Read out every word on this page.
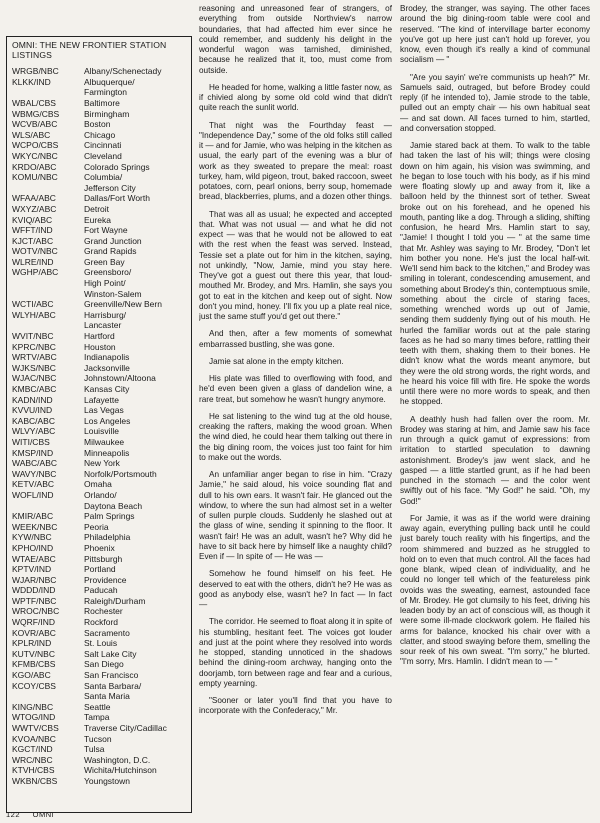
OMNI: THE NEW FRONTIER STATION LISTINGS
WRGB/NBC	Albany/Schenectady
KLKK/IND	Albuquerque/
Farmington
WBAL/CBS	Baltimore
WBMG/CBS	Birmingham
WCVB/ABC	Boston
WLS/ABC	Chicago
WCPO/CBS	Cincinnati
WKYC/NBC	Cleveland
KRDO/ABC	Colorado Springs
KOMU/NBC	Columbia/
Jefferson City
WFAA/ABC	Dallas/Fort Worth
WXYZ/ABC	Detroit
KVIQ/ABC	Eureka
WFFT/IND	Fort Wayne
KJCT/ABC	Grand Junction
WOTV/NBC	Grand Rapids
WLRE/IND	Green Bay
WGHP/ABC	Greensboro/
High Point/
Winston-Salem
WCTI/ABC	Greenville/New Bern
WLYH/ABC	Harrisburg/
Lancaster
WVIT/NBC	Hartford
KPRC/NBC	Houston
WRTV/ABC	Indianapolis
WJKS/NBC	Jacksonville
WJAC/NBC	Johnstown/Altoona
KMBC/ABC	Kansas City
KADN/IND	Lafayette
KVVU/IND	Las Vegas
KABC/ABC	Los Angeles
WLVY/ABC	Louisville
WITI/CBS	Milwaukee
KMSP/IND	Minneapolis
WABC/ABC	New York
WAVY/NBC	Norfolk/Portsmouth
KETV/ABC	Omaha
WOFL/IND	Orlando/
Daytona Beach
KMIR/ABC	Palm Springs
WEEK/NBC	Peoria
KYW/NBC	Philadelphia
KPHO/IND	Phoenix
WTAE/ABC	Pittsburgh
KPTV/IND	Portland
WJAR/NBC	Providence
WDDD/IND	Paducah
WPTF/NBC	Raleigh/Durham
WROC/NBC	Rochester
WQRF/IND	Rockford
KOVR/ABC	Sacramento
KPLR/IND	St. Louis
KUTV/NBC	Salt Lake City
KFMB/CBS	San Diego
KGO/ABC	San Francisco
KCOY/CBS	Santa Barbara/
Santa Maria
KING/NBC	Seattle
WTOG/IND	Tampa
WWTV/CBS	Traverse City/Cadillac
KVOA/NBC	Tucson
KGCT/IND	Tulsa
WRC/NBC	Washington, D.C.
KTVH/CBS	Wichita/Hutchinson
WKBN/CBS	Youngstown

reasoning and unreasoned fear of strangers, of everything from outside Northview's narrow boundaries, that had affected him ever since he could remember, and suddenly his delight in the wonderful wagon was tarnished, diminished, because he realized that it, too, must come from outside.

He headed for home, walking a little faster now, as if chivied along by some old cold wind that didn't quite reach the sunlit world.

That night was the Fourthday feast — "Independence Day," some of the old folks still called it — and for Jamie, who was helping in the kitchen as usual, the early part of the evening was a blur of work as they sweated to prepare the meal: roast turkey, ham, wild pigeon, trout, baked raccoon, sweet potatoes, corn, pearl onions, berry soup, homemade bread, blackberries, plums, and a dozen other things.

That was all as usual; he expected and accepted that. What was not usual — and what he did not expect — was that he would not be allowed to eat with the rest when the feast was served. Instead, Tessie set a plate out for him in the kitchen, saying, not unkindly, "Now, Jamie, mind you stay here. They've got a guest out there this year, that loud-mouthed Mr. Brodey, and Mrs. Hamlin, she says you got to eat in the kitchen and keep out of sight. Now don't you mind, honey. I'll fix you up a plate real nice, just the same stuff you'd get out there."

And then, after a few moments of somewhat embarrassed bustling, she was gone.

Jamie sat alone in the empty kitchen.

His plate was filled to overflowing with food, and he'd even been given a glass of dandelion wine, a rare treat, but somehow he wasn't hungry anymore.

He sat listening to the wind tug at the old house, creaking the rafters, making the wood groan. When the wind died, he could hear them talking out there in the big dining room, the voices just too faint for him to make out the words.

An unfamiliar anger began to rise in him. "Crazy Jamie," he said aloud, his voice sounding flat and dull to his own ears. It wasn't fair. He glanced out the window, to where the sun had almost set in a welter of sullen purple clouds. Suddenly he slashed out at the glass of wine, sending it spinning to the floor. It wasn't fair! He was an adult, wasn't he? Why did he have to sit back here by himself like a naughty child? Even if — In spite of — He was —

Somehow he found himself on his feet. He deserved to eat with the others, didn't he? He was as good as anybody else, wasn't he? In fact — In fact —

The corridor. He seemed to float along it in spite of his stumbling, hesitant feet. The voices got louder and just at the point where they resolved into words he stopped, standing unnoticed in the shadows behind the dining-room archway, hanging onto the doorjamb, torn between rage and fear and a curious, empty yearning.

"Sooner or later you'll find that you have to incorporate with the Confederacy," Mr.

Brodey, the stranger, was saying. The other faces around the big dining-room table were cool and reserved. "The kind of intervillage barter economy you've got up here just can't hold up forever, you know, even though it's really a kind of communal socialism — "

"Are you sayin' we're communists up heah?" Mr. Samuels said, outraged, but before Brodey could reply (if he intended to), Jamie strode to the table, pulled out an empty chair — his own habitual seat — and sat down. All faces turned to him, startled, and conversation stopped.

Jamie stared back at them. To walk to the table had taken the last of his will; things were closing down on him again, his vision was swimming, and he began to lose touch with his body, as if his mind were floating slowly up and away from it, like a balloon held by the thinnest sort of tether. Sweat broke out on his forehead, and he opened his mouth, panting like a dog. Through a sliding, shifting confusion, he heard Mrs. Hamlin start to say, "Jamie! I thought I told you — " at the same time that Mr. Ashley was saying to Mr. Brodey, "Don't let him bother you none. He's just the local half-wit. We'll send him back to the kitchen," and Brodey was smiling in tolerant, condescending amusement, and something about Brodey's thin, contemptuous smile, something about the circle of staring faces, something wrenched words up out of Jamie, sending them suddenly flying out of his mouth. He hurled the familiar words out at the pale staring faces as he had so many times before, rattling their teeth with them, shaking them to their bones. He didn't know what the words meant anymore, but they were the old strong words, the right words, and he heard his voice fill with fire. He spoke the words until there were no more words to speak, and then he stopped.

A deathly hush had fallen over the room. Mr. Brodey was staring at him, and Jamie saw his face run through a quick gamut of expressions: from irritation to startled speculation to dawning astonishment. Brodey's jaw went slack, and he gasped — a little startled grunt, as if he had been punched in the stomach — and the color went swiftly out of his face. "My God!" he said. "Oh, my God!"

For Jamie, it was as if the world were draining away again, everything pulling back until he could just barely touch reality with his fingertips, and the room shimmered and buzzed as he struggled to hold on to even that much control. All the faces had gone blank, wiped clean of individuality, and he could no longer tell which of the featureless pink ovoids was the sweating, earnest, astounded face of Mr. Brodey. He got clumsily to his feet, driving his leaden body by an act of conscious will, as though it were some ill-made clockwork golem. He flailed his arms for balance, knocked his chair over with a clatter, and stood swaying before them, smelling the sour reek of his own sweat. "I'm sorry," he blurted. "I'm sorry, Mrs. Hamlin. I didn't mean to — "

122 OMNI
